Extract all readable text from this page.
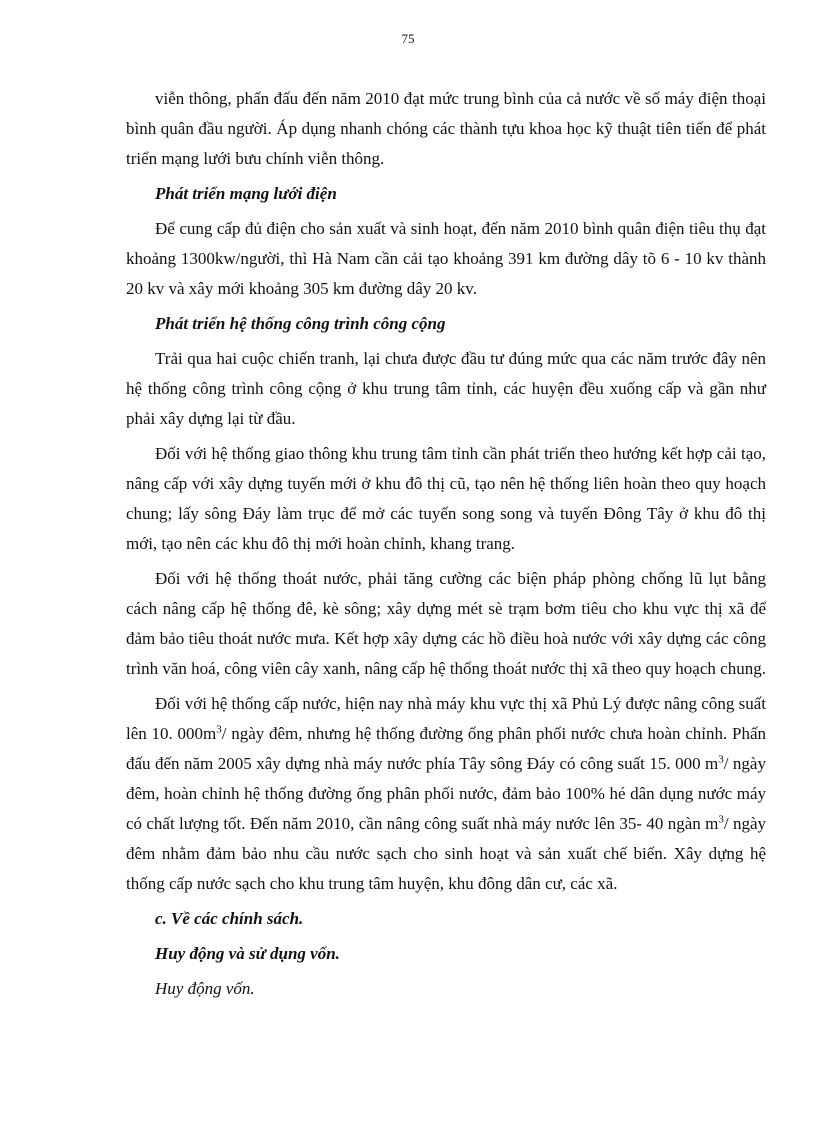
75

viễn thông, phấn đấu đến năm 2010 đạt mức trung bình của cả nước về số máy điện thoại bình quân đầu người. Áp dụng nhanh chóng các thành tựu khoa học kỹ thuật tiên tiến để phát triển mạng lưới bưu chính viễn thông.

Phát triển mạng lưới điện

Để cung cấp đủ điện cho sản xuất và sinh hoạt, đến năm 2010 bình quân điện tiêu thụ đạt khoảng 1300kw/người, thì Hà Nam cần cải tạo khoảng 391 km đường dây tõ 6 - 10 kv thành 20 kv và xây mới khoảng 305 km đường dây 20 kv.

Phát triển hệ thống công trình công cộng

Trải qua hai cuộc chiến tranh, lại chưa được đầu tư đúng mức qua các năm trước đây nên hệ thống công trình công cộng ở khu trung tâm tỉnh, các huyện đều xuống cấp và gần như phải xây dựng lại từ đầu.

Đối với hệ thống giao thông khu trung tâm tỉnh cần phát triển theo hướng kết hợp cải tạo, nâng cấp với xây dựng tuyến mới ở khu đô thị cũ, tạo nên hệ thống liên hoàn theo quy hoạch chung; lấy sông Đáy làm trục để mở các tuyến song song và tuyến Đông Tây ở khu đô thị mới, tạo nên các khu đô thị mới hoàn chỉnh, khang trang.

Đối với hệ thống thoát nước, phải tăng cường các biện pháp phòng chống lũ lụt bằng cách nâng cấp hệ thống đê, kè sông; xây dựng mét sè trạm bơm tiêu cho khu vực thị xã để đảm bảo tiêu thoát nước mưa. Kết hợp xây dựng các hồ điều hoà nước với xây dựng các công trình văn hoá, công viên cây xanh, nâng cấp hệ thống thoát nước thị xã theo quy hoạch chung.

Đối với hệ thống cấp nước, hiện nay nhà máy khu vực thị xã Phủ Lý được nâng công suất lên 10. $000m^3/$ ngày đêm, nhưng hệ thống đường ống phân phối nước chưa hoàn chỉnh. Phấn đấu đến năm 2005 xây dựng nhà máy nước phía Tây sông Đáy có công suất 15. 000 $m^3/$ ngày đêm, hoàn chỉnh hệ thống đường ống phân phối nước, đảm bảo 100% hé dân dụng nước máy có chất lượng tốt. Đến năm 2010, cần nâng công suất nhà máy nước lên 35- 40 ngàn $m^3/$ ngày đêm nhằm đảm bảo nhu cầu nước sạch cho sinh hoạt và sản xuất chế biến. Xây dựng hệ thống cấp nước sạch cho khu trung tâm huyện, khu đông dân cư, các xã.

c. Về các chính sách.

Huy động và sử dụng vốn.

Huy động vốn.
